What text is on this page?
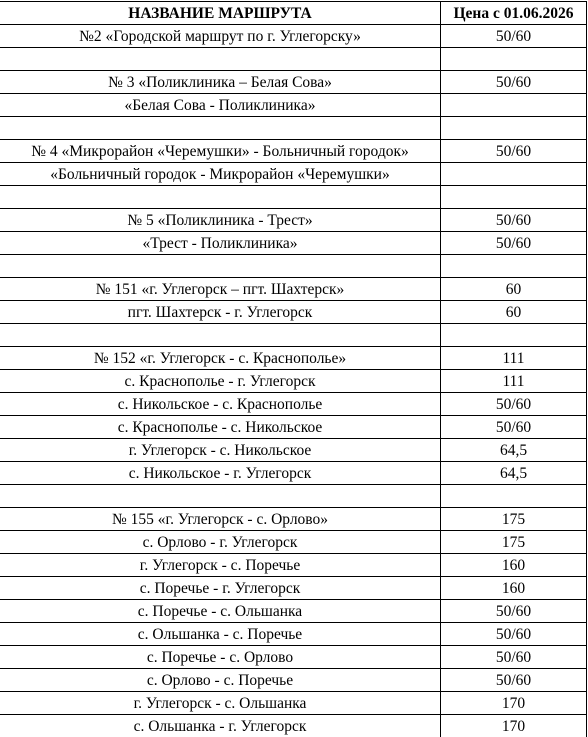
НАЗВАНИЕ МАРШРУТА	Цена с 01.06.2026
№2 «Городской маршрут по г. Углегорску»	50/60

№ 3 «Поликлиника – Белая Сова»	50/60
«Белая Сова - Поликлиника»	

№ 4 «Микрорайон «Черемушки» - Больничный городок»	50/60
«Больничный городок - Микрорайон «Черемушки»	

№ 5 «Поликлиника - Трест»	50/60
«Трест - Поликлиника»	50/60

№ 151 «г. Углегорск – пгт. Шахтерск»	60
пгт. Шахтерск - г. Углегорск	60

№ 152 «г. Углегорск - с. Краснополье»	111
с. Краснополье - г. Углегорск	111
с. Никольское - с. Краснополье	50/60
с. Краснополье - с. Никольское	50/60
г. Углегорск - с. Никольское	64,5
с. Никольское - г. Углегорск	64,5

№ 155 «г. Углегорск - с. Орлово»	175
с. Орлово - г. Углегорск	175
г. Углегорск - с. Поречье	160
с. Поречье - г. Углегорск	160
с. Поречье - с. Ольшанка	50/60
с. Ольшанка - с. Поречье	50/60
с. Поречье - с. Орлово	50/60
с. Орлово - с. Поречье	50/60
г. Углегорск - с. Ольшанка	170
с. Ольшанка - г. Углегорск	170
